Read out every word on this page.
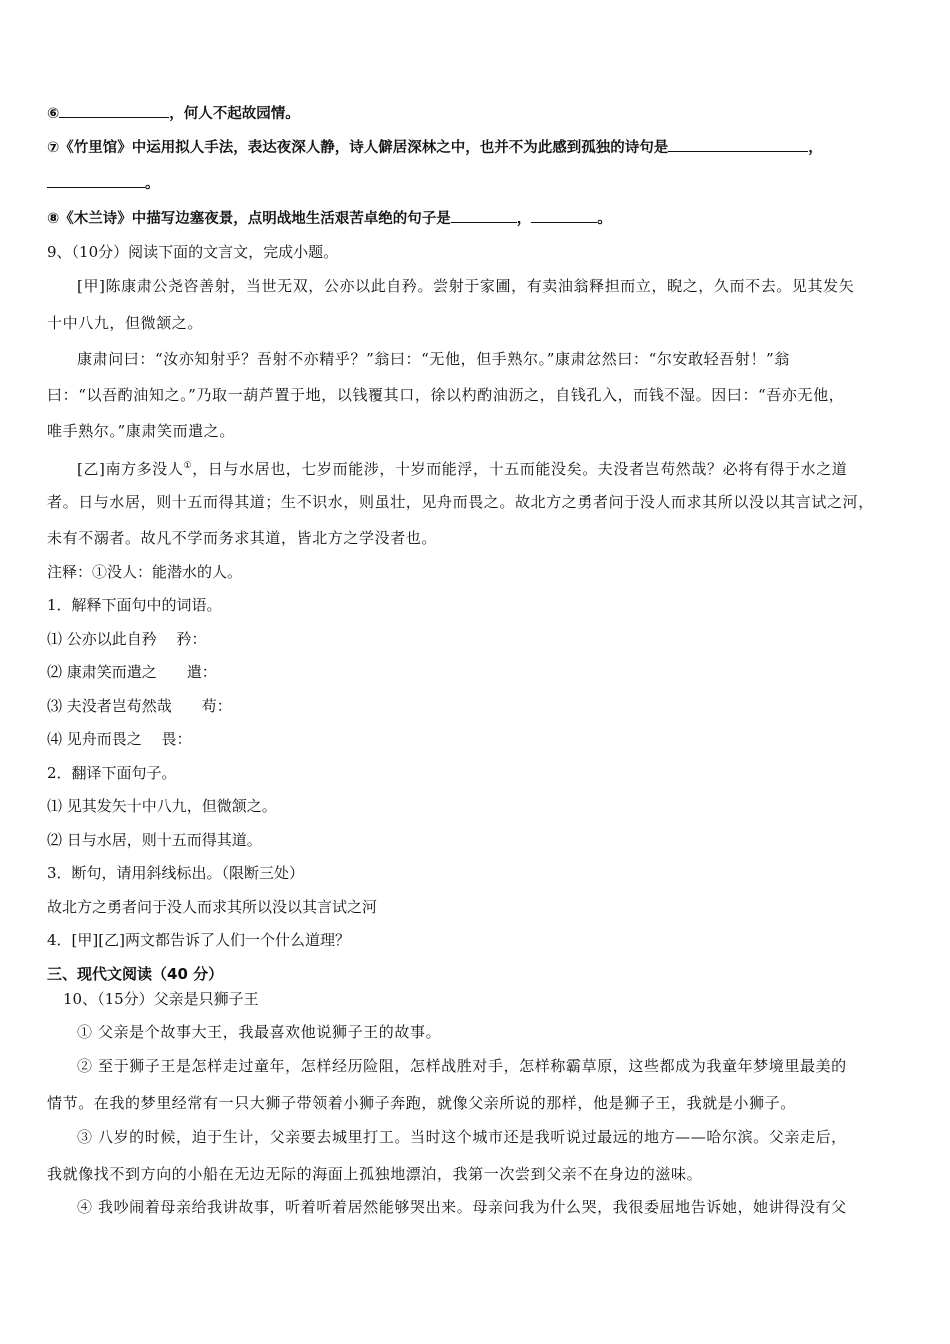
⑥	，何人不起故园情。
⑦《竹里馆》中运用拟人手法，表达夜深人静，诗人僻居深林之中，也并不为此感到孤独的诗句是	，
。
⑧《木兰诗》中描写边塞夜景，点明战地生活艰苦卓绝的句子是	，	。
9、（10分）阅读下面的文言文，完成小题。
[甲]陈康肃公尧咨善射，当世无双，公亦以此自矜。尝射于家圃，有卖油翁释担而立，睨之，久而不去。见其发矢
十中八九，但微颔之。
康肃问曰：“汝亦知射乎？吾射不亦精乎？”翁曰：“无他，但手熟尔。”康肃忿然曰：“尔安敢轻吾射！”翁
曰：“以吾酌油知之。”乃取一葫芦置于地，以钱覆其口，徐以杓酌油沥之，自钱孔入，而钱不湿。因曰：“吾亦无他，
唯手熟尔。”康肃笑而遣之。
[乙]南方多没人①，日与水居也，七岁而能涉，十岁而能浮，十五而能没矣。夫没者岂苟然哉？必将有得于水之道
者。日与水居，则十五而得其道；生不识水，则虽壮，见舟而畏之。故北方之勇者问于没人而求其所以没以其言试之河，
未有不溺者。故凡不学而务求其道，皆北方之学没者也。
注释：①没人：能潜水的人。
1．解释下面句中的词语。
⑴ 公亦以此自矜　 矜：
⑵ 康肃笑而遣之　　遣：
⑶ 夫没者岂苟然哉　　苟：
⑷ 见舟而畏之　 畏：
2．翻译下面句子。
⑴ 见其发矢十中八九，但微颔之。
⑵ 日与水居，则十五而得其道。
3．断句，请用斜线标出。（限断三处）
故北方之勇者问于没人而求其所以没以其言试之河
4．[甲][乙]两文都告诉了人们一个什么道理？
三、现代文阅读（40 分）
10、（15分）父亲是只狮子王
① 父亲是个故事大王，我最喜欢他说狮子王的故事。
② 至于狮子王是怎样走过童年，怎样经历险阻，怎样战胜对手，怎样称霸草原，这些都成为我童年梦境里最美的
情节。在我的梦里经常有一只大狮子带领着小狮子奔跑，就像父亲所说的那样，他是狮子王，我就是小狮子。
③ 八岁的时候，迫于生计，父亲要去城里打工。当时这个城市还是我听说过最远的地方——哈尔滨。父亲走后，
我就像找不到方向的小船在无边无际的海面上孤独地漂泊，我第一次尝到父亲不在身边的滋味。
④ 我吵闹着母亲给我讲故事，听着听着居然能够哭出来。母亲问我为什么哭，我很委屈地告诉她，她讲得没有父
